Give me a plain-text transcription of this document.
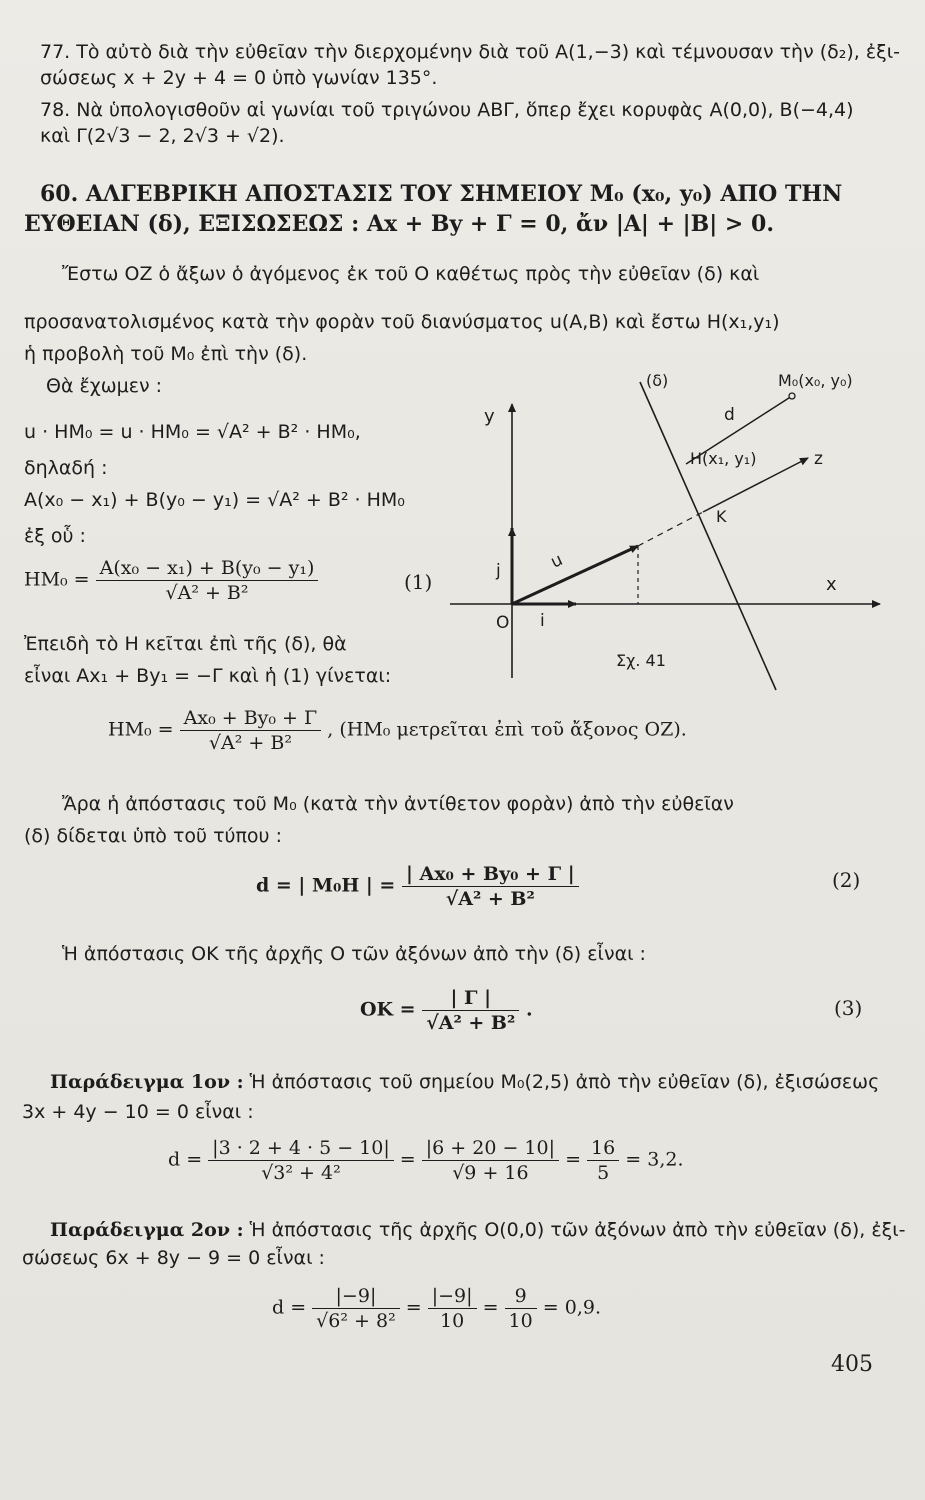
77. Τὸ αὐτὸ διὰ τὴν εὐθεῖαν τὴν διερχομένην διὰ τοῦ Α(1,−3) καὶ τέμνουσαν τὴν (δ₂), ἐξι-
σώσεως x + 2y + 4 = 0 ὑπὸ γωνίαν 135°.
78. Νὰ ὑπολογισθοῦν αἱ γωνίαι τοῦ τριγώνου ΑΒΓ, ὅπερ ἔχει κορυφὰς Α(0,0), Β(−4,4)
καὶ Γ(2√3 − 2, 2√3 + √2).
60. ΑΛΓΕΒΡΙΚΗ ΑΠΟΣΤΑΣΙΣ ΤΟΥ ΣΗΜΕΙΟΥ M₀ (x₀, y₀) ΑΠΟ ΤΗΝ
ΕΥΘΕΙΑΝ (δ), ΕΞΙΣΩΣΕΩΣ : Ax + By + Γ = 0, ἄν |A| + |B| > 0.
Ἔστω OZ ὁ ἄξων ὁ ἀγόμενος ἐκ τοῦ O καθέτως πρὸς τὴν εὐθεῖαν (δ) καὶ
προσανατολισμένος κατὰ τὴν φορὰν τοῦ διανύσματος u(A,B) καὶ ἔστω H(x₁,y₁)
ἡ προβολὴ τοῦ M₀ ἐπὶ τὴν (δ).
Θὰ ἔχωμεν :
u · HM₀ = u · HM₀ = √A² + B² · HM₀,
δηλαδή :
A(x₀ − x₁) + B(y₀ − y₁) = √A² + B² · HM₀
ἐξ οὗ :
$HM_0 = \frac{\text{A(x₀ − x₁) + B(y₀ − y₁)}}{\text{√A² + B²}}$	(1)
Ἐπειδὴ τὸ H κεῖται ἐπὶ τῆς (δ), θὰ
εἶναι Ax₁ + By₁ = −Γ καὶ ἡ (1) γίνεται:
$HM_0 = \frac{\text{Ax₀ + By₀ + Γ}}{\text{√A² + B²}}$ , (HM₀ μετρεῖται ἐπὶ τοῦ ἄξονος OZ).
Ἄρα ἡ ἀπόστασις τοῦ M₀ (κατὰ τὴν ἀντίθετον φορὰν) ἀπὸ τὴν εὐθεῖαν
(δ) δίδεται ὑπὸ τοῦ τύπου :
d = | M₀H | = $\frac{\text{| Ax₀ + By₀ + Γ |}}{\text{√A² + B²}}$	(2)
Ἡ ἀπόστασις OK τῆς ἀρχῆς O τῶν ἀξόνων ἀπὸ τὴν (δ) εἶναι :
OK = $\frac{| \Gamma |}{\text{√A² + B²}}$ .	(3)
Παράδειγμα 1ον : Ἡ ἀπόστασις τοῦ σημείου M₀(2,5) ἀπὸ τὴν εὐθεῖαν (δ), ἐξισώσεως
3x + 4y − 10 = 0 εἶναι :
$d = \frac{|3 \cdot 2 + 4 \cdot 5 - 10|}{\text{√3² + 4²}} = \frac{|6 + 20 - 10|}{√9 + 16} = \frac{16}{5} = 3,2$.
Παράδειγμα 2ον : Ἡ ἀπόστασις τῆς ἀρχῆς O(0,0) τῶν ἀξόνων ἀπὸ τὴν εὐθεῖαν (δ), ἐξι-
σώσεως 6x + 8y − 9 = 0 εἶναι :
$d = \frac{|-9|}{\text{√6² + 8²}} = \frac{|-9|}{10} = \frac{9}{10} = 0,9$.
405
(δ)	M₀(x₀, y₀)
d
H(x₁, y₁)	z
K
y
x
j
i
O
u
Σχ. 41
